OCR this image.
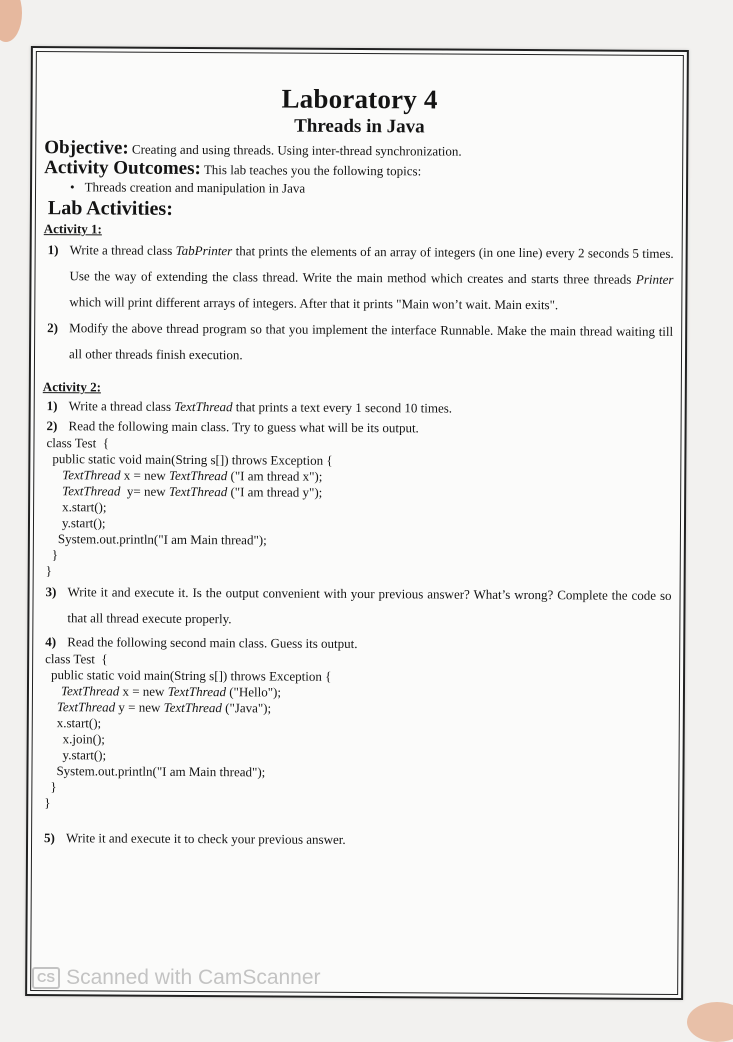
Laboratory 4
Threads in Java

Objective: Creating and using threads. Using inter-thread synchronization.

Activity Outcomes: This lab teaches you the following topics:

• Threads creation and manipulation in Java
Lab Activities:
Activity 1:
1) Write a thread class TabPrinter that prints the elements of an array of integers (in one line) every 2 seconds 5 times. Use the way of extending the class thread. Write the main method which creates and starts three threads Printer which will print different arrays of integers. After that it prints "Main won’t wait. Main exits".
2) Modify the above thread program so that you implement the interface Runnable. Make the main thread waiting till all other threads finish execution.
Activity 2:
1) Write a thread class TextThread that prints a text every 1 second 10 times.
2) Read the following main class. Try to guess what will be its output.
class Test  {
public static void main(String s[]) throws Exception {
TextThread x = new TextThread ("I am thread x");
TextThread  y= new TextThread ("I am thread y");
x.start();
y.start();
System.out.println("I am Main thread");
}
}
3) Write it and execute it. Is the output convenient with your previous answer? What’s wrong? Complete the code so that all thread execute properly.
4) Read the following second main class. Guess its output.
class Test  {
public static void main(String s[]) throws Exception {
TextThread x = new TextThread ("Hello");
TextThread y = new TextThread ("Java");
x.start();
x.join();
y.start();
System.out.println("I am Main thread");
}
}
5) Write it and execute it to check your previous answer.
CS Scanned with CamScanner
